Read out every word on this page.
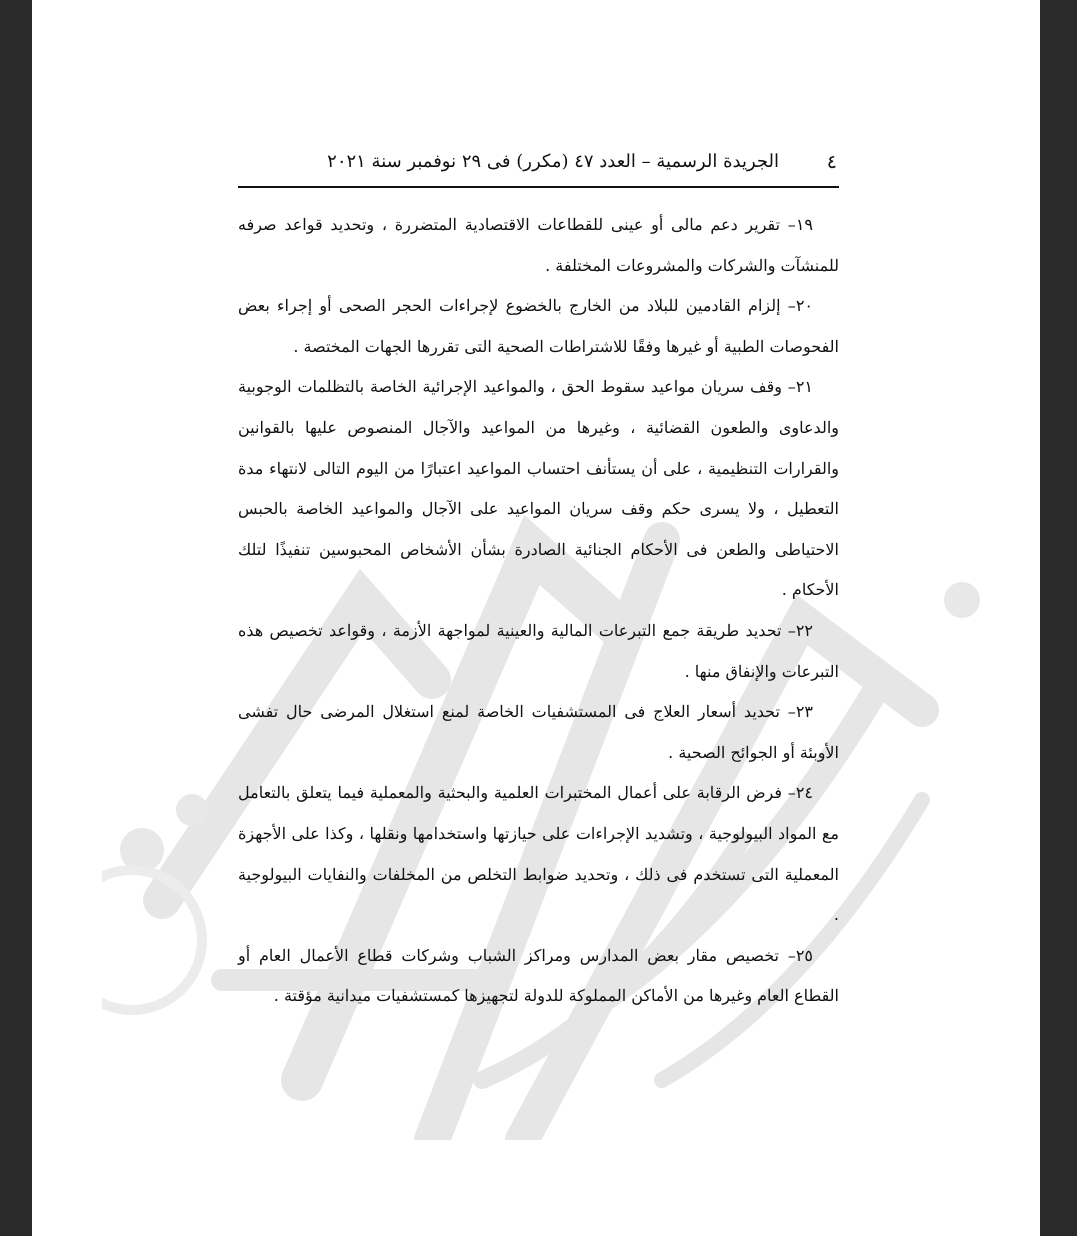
٤
الجريدة الرسمية – العدد ٤٧ (مكرر) فى ٢٩ نوفمبر سنة ٢٠٢١

١٩– تقرير دعم مالى أو عينى للقطاعات الاقتصادية المتضررة ، وتحديد قواعد صرفه للمنشآت والشركات والمشروعات المختلفة .

٢٠– إلزام القادمين للبلاد من الخارج بالخضوع لإجراءات الحجر الصحى أو إجراء بعض الفحوصات الطبية أو غيرها وفقًا للاشتراطات الصحية التى تقررها الجهات المختصة .

٢١– وقف سريان مواعيد سقوط الحق ، والمواعيد الإجرائية الخاصة بالتظلمات الوجوبية والدعاوى والطعون القضائية ، وغيرها من المواعيد والآجال المنصوص عليها بالقوانين والقرارات التنظيمية ، على أن يستأنف احتساب المواعيد اعتبارًا من اليوم التالى لانتهاء مدة التعطيل ، ولا يسرى حكم وقف سريان المواعيد على الآجال والمواعيد الخاصة بالحبس الاحتياطى والطعن فى الأحكام الجنائية الصادرة بشأن الأشخاص المحبوسين تنفيذًا لتلك الأحكام .

٢٢– تحديد طريقة جمع التبرعات المالية والعينية لمواجهة الأزمة ، وقواعد تخصيص هذه التبرعات والإنفاق منها .

٢٣– تحديد أسعار العلاج فى المستشفيات الخاصة لمنع استغلال المرضى حال تفشى الأوبئة أو الجوائح الصحية .

٢٤– فرض الرقابة على أعمال المختبرات العلمية والبحثية والمعملية فيما يتعلق بالتعامل مع المواد البيولوجية ، وتشديد الإجراءات على حيازتها واستخدامها ونقلها ، وكذا على الأجهزة المعملية التى تستخدم فى ذلك ، وتحديد ضوابط التخلص من المخلفات والنفايات البيولوجية .

٢٥– تخصيص مقار بعض المدارس ومراكز الشباب وشركات قطاع الأعمال العام أو القطاع العام وغيرها من الأماكن المملوكة للدولة لتجهيزها كمستشفيات ميدانية مؤقتة .
